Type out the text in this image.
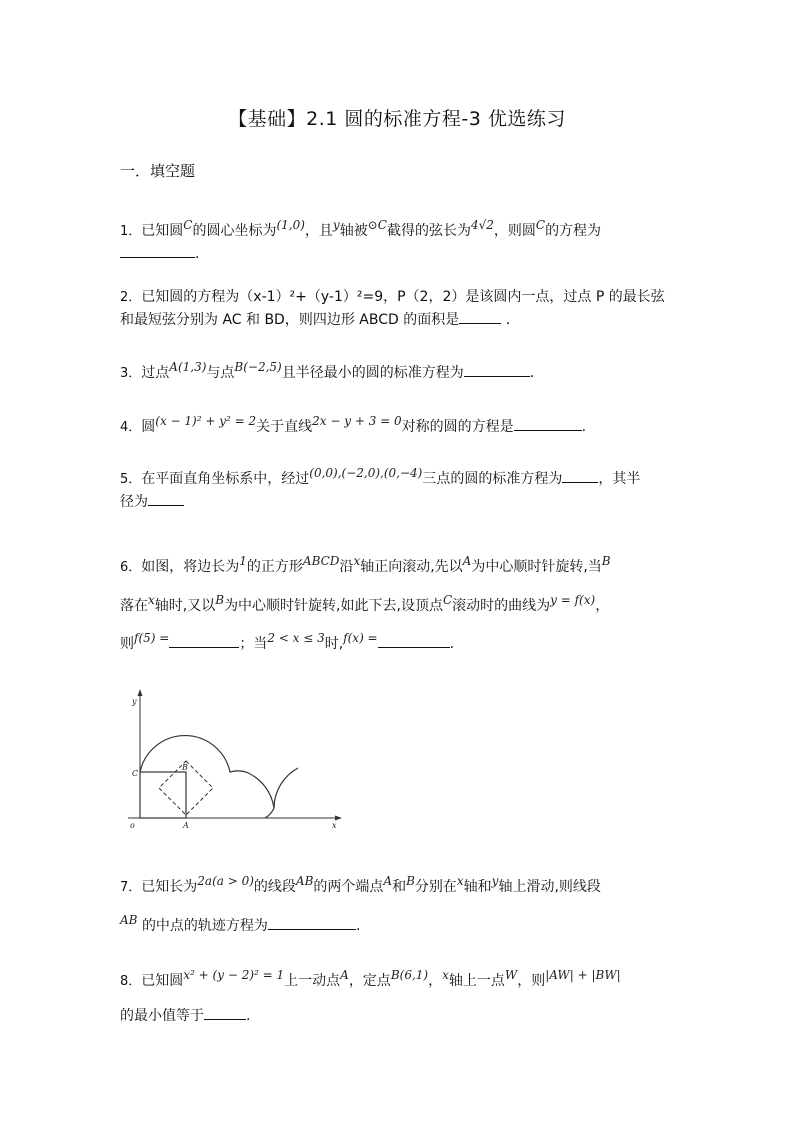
【基础】2.1 圆的标准方程-3 优选练习
一．填空题
1．已知圆C的圆心坐标为(1,0)，且y轴被⊙C截得的弦长为4√2，则圆C的方程为
.
2．已知圆的方程为（x-1）²+（y-1）²=9，P（2，2）是该圆内一点，过点 P 的最长弦
和最短弦分别为 AC 和 BD，则四边形 ABCD 的面积是	．
3．过点A(1,3)与点B(−2,5)且半径最小的圆的标准方程为	．
4．圆(x − 1)² + y² = 2关于直线2x − y + 3 = 0对称的圆的方程是	.
5．在平面直角坐标系中，经过(0,0),(−2,0),(0,−4)三点的圆的标准方程为	，其半
径为
6．如图，将边长为1的正方形ABCD沿x轴正向滚动,先以A为中心顺时针旋转,当B
落在x轴时,又以B为中心顺时针旋转,如此下去,设顶点C滚动时的曲线为y = f(x)，
则f(5) =	；当2 < x ≤ 3时,f(x) =	.
y
C
B
o	A	x
7．已知长为2a(a > 0)的线段AB的两个端点A和B分别在x轴和y轴上滑动,则线段
AB 的中点的轨迹方程为	.
8．已知圆x² + (y − 2)² = 1上一动点A，定点B(6,1)，x轴上一点W，则|AW| + |BW|
的最小值等于	.
